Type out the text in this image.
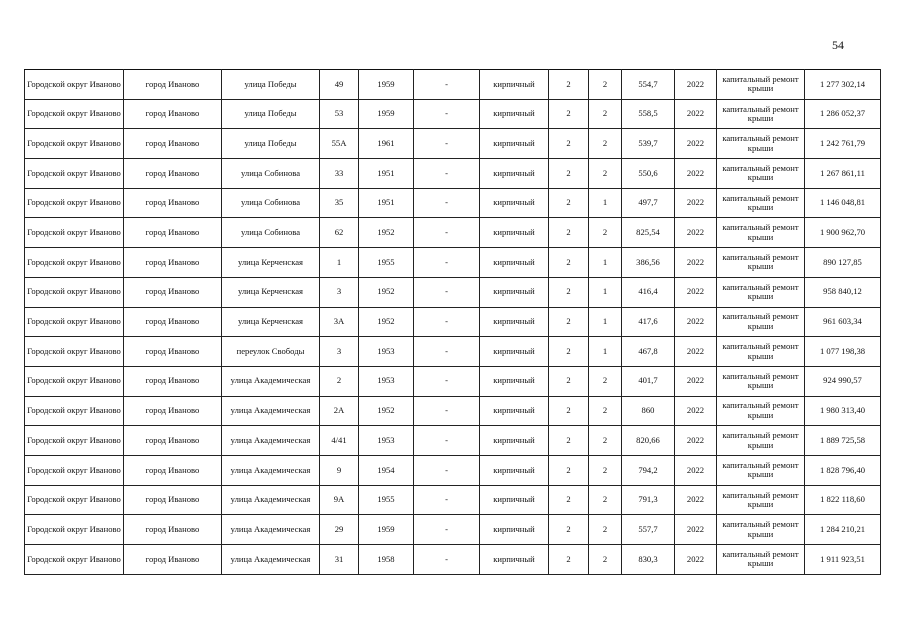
54
Городской округ Иваново	город Иваново	улица Победы	49	1959	-	кирпичный	2	2	554,7	2022	капитальный ремонт крыши	1 277 302,14
Городской округ Иваново	город Иваново	улица Победы	53	1959	-	кирпичный	2	2	558,5	2022	капитальный ремонт крыши	1 286 052,37
Городской округ Иваново	город Иваново	улица Победы	55А	1961	-	кирпичный	2	2	539,7	2022	капитальный ремонт крыши	1 242 761,79
Городской округ Иваново	город Иваново	улица Собинова	33	1951	-	кирпичный	2	2	550,6	2022	капитальный ремонт крыши	1 267 861,11
Городской округ Иваново	город Иваново	улица Собинова	35	1951	-	кирпичный	2	1	497,7	2022	капитальный ремонт крыши	1 146 048,81
Городской округ Иваново	город Иваново	улица Собинова	62	1952	-	кирпичный	2	2	825,54	2022	капитальный ремонт крыши	1 900 962,70
Городской округ Иваново	город Иваново	улица Керченская	1	1955	-	кирпичный	2	1	386,56	2022	капитальный ремонт крыши	890 127,85
Городской округ Иваново	город Иваново	улица Керченская	3	1952	-	кирпичный	2	1	416,4	2022	капитальный ремонт крыши	958 840,12
Городской округ Иваново	город Иваново	улица Керченская	3А	1952	-	кирпичный	2	1	417,6	2022	капитальный ремонт крыши	961 603,34
Городской округ Иваново	город Иваново	переулок Свободы	3	1953	-	кирпичный	2	1	467,8	2022	капитальный ремонт крыши	1 077 198,38
Городской округ Иваново	город Иваново	улица Академическая	2	1953	-	кирпичный	2	2	401,7	2022	капитальный ремонт крыши	924 990,57
Городской округ Иваново	город Иваново	улица Академическая	2А	1952	-	кирпичный	2	2	860	2022	капитальный ремонт крыши	1 980 313,40
Городской округ Иваново	город Иваново	улица Академическая	4/41	1953	-	кирпичный	2	2	820,66	2022	капитальный ремонт крыши	1 889 725,58
Городской округ Иваново	город Иваново	улица Академическая	9	1954	-	кирпичный	2	2	794,2	2022	капитальный ремонт крыши	1 828 796,40
Городской округ Иваново	город Иваново	улица Академическая	9А	1955	-	кирпичный	2	2	791,3	2022	капитальный ремонт крыши	1 822 118,60
Городской округ Иваново	город Иваново	улица Академическая	29	1959	-	кирпичный	2	2	557,7	2022	капитальный ремонт крыши	1 284 210,21
Городской округ Иваново	город Иваново	улица Академическая	31	1958	-	кирпичный	2	2	830,3	2022	капитальный ремонт крыши	1 911 923,51
